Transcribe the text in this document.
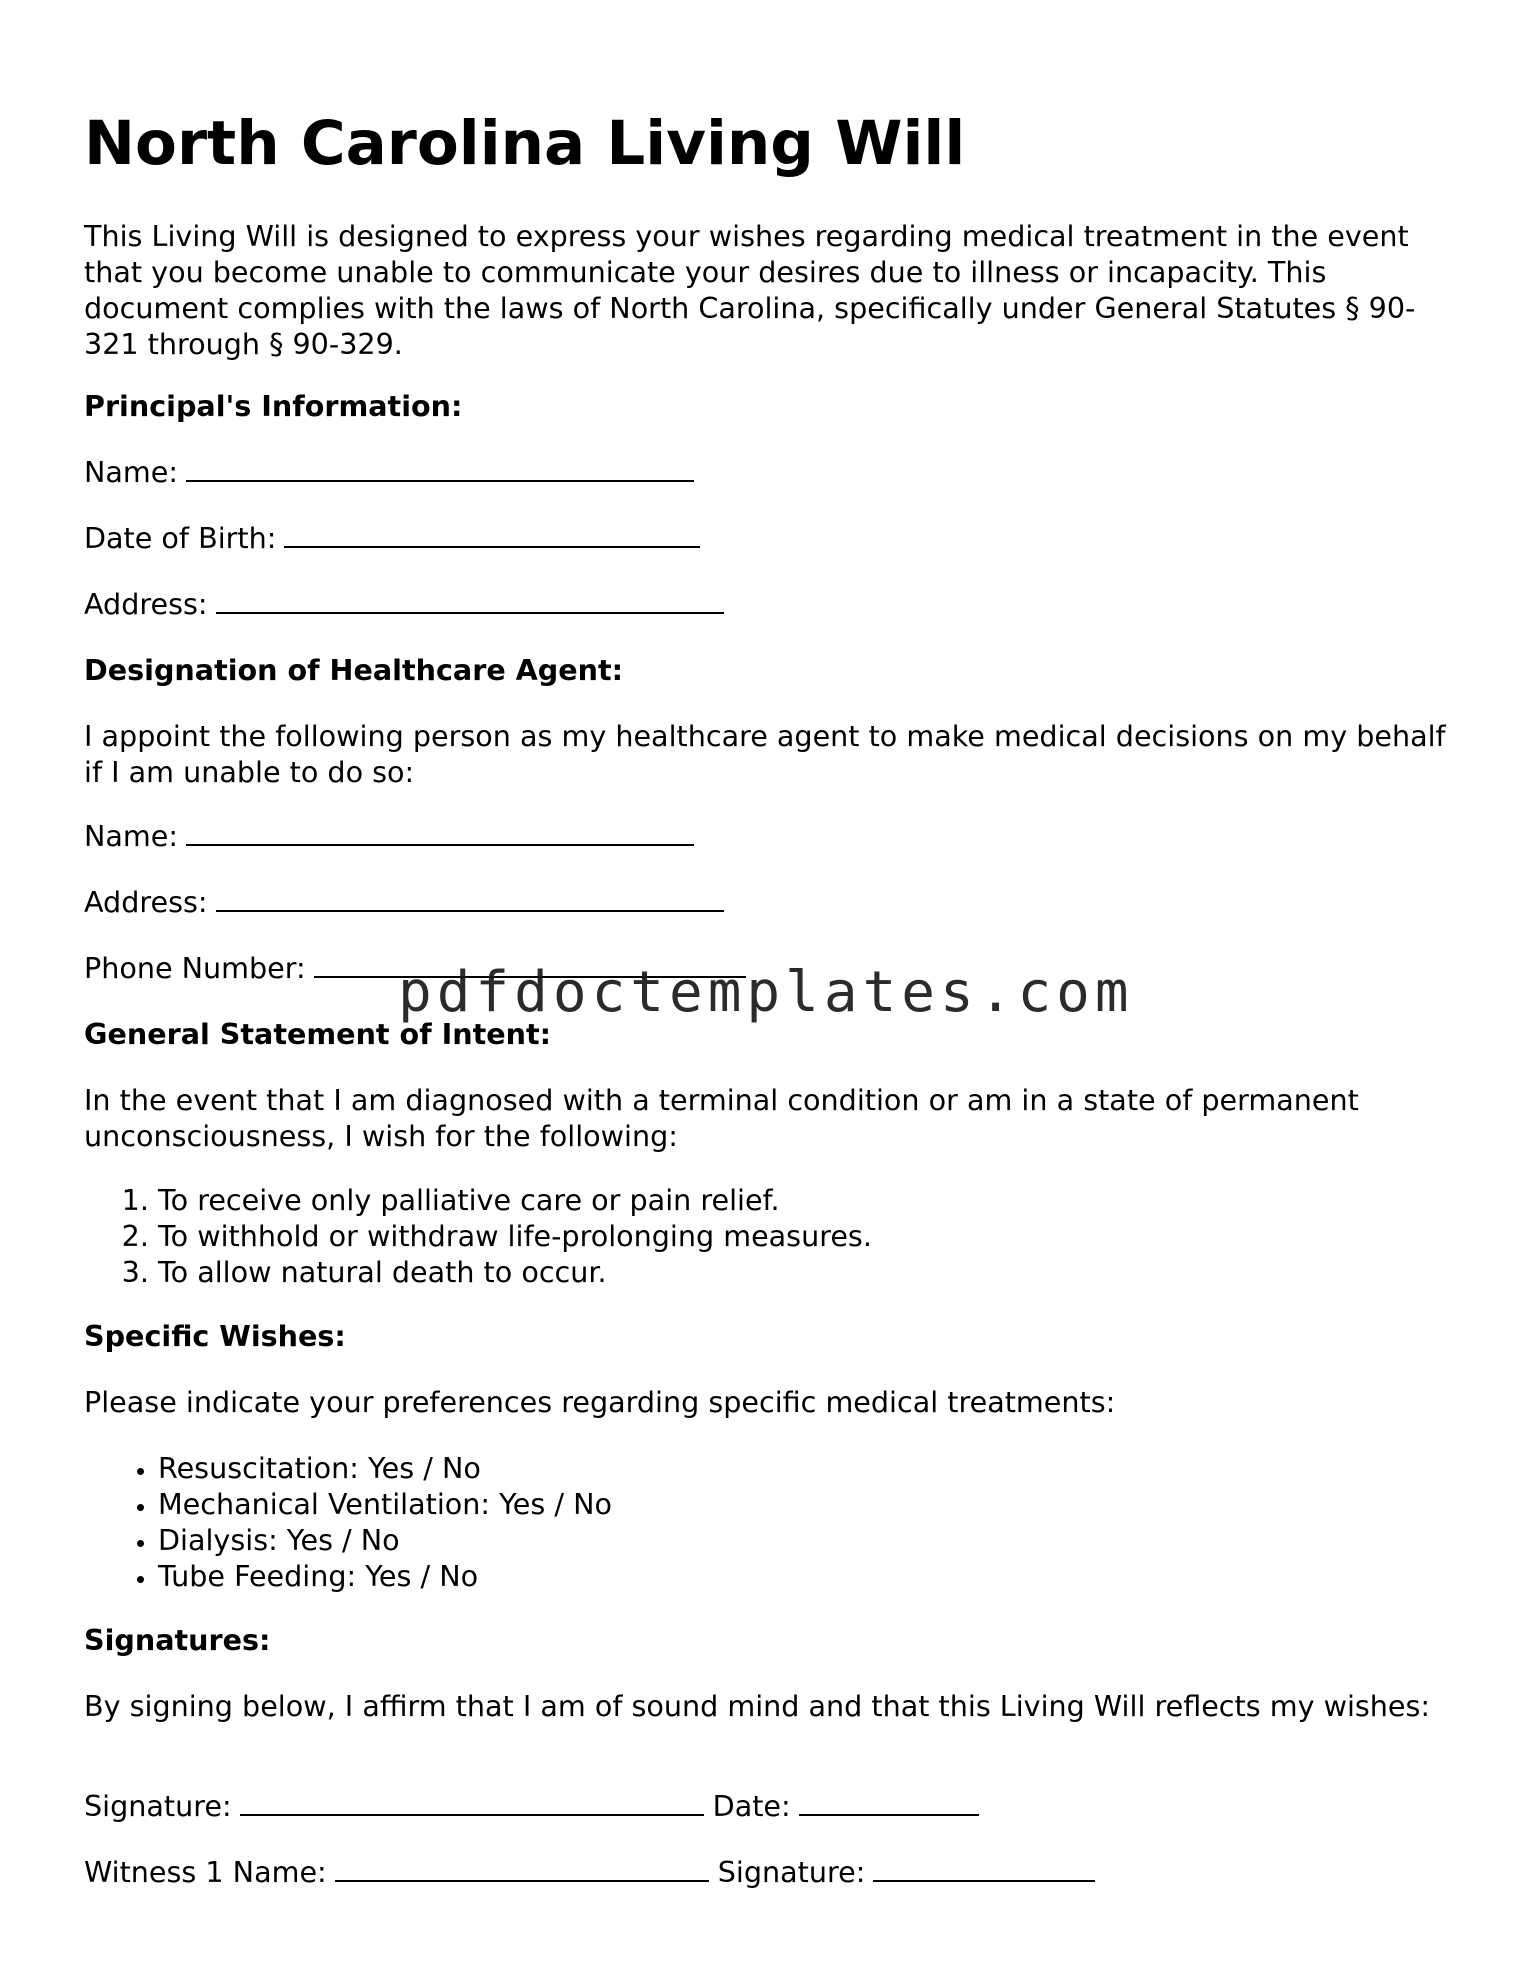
North Carolina Living Will
This Living Will is designed to express your wishes regarding medical treatment in the event that you become unable to communicate your desires due to illness or incapacity. This document complies with the laws of North Carolina, specifically under General Statutes § 90-321 through § 90-329.
Principal's Information:
Name:
Date of Birth:
Address:
Designation of Healthcare Agent:
I appoint the following person as my healthcare agent to make medical decisions on my behalf if I am unable to do so:
Name:
Address:
Phone Number:
General Statement of Intent:
In the event that I am diagnosed with a terminal condition or am in a state of permanent unconsciousness, I wish for the following:
1. To receive only palliative care or pain relief.
2. To withhold or withdraw life-prolonging measures.
3. To allow natural death to occur.
Specific Wishes:
Please indicate your preferences regarding specific medical treatments:
• Resuscitation: Yes / No
• Mechanical Ventilation: Yes / No
• Dialysis: Yes / No
• Tube Feeding: Yes / No
Signatures:
By signing below, I affirm that I am of sound mind and that this Living Will reflects my wishes:
Signature:	Date:
Witness 1 Name:	Signature:
pdfdoctemplates.com
